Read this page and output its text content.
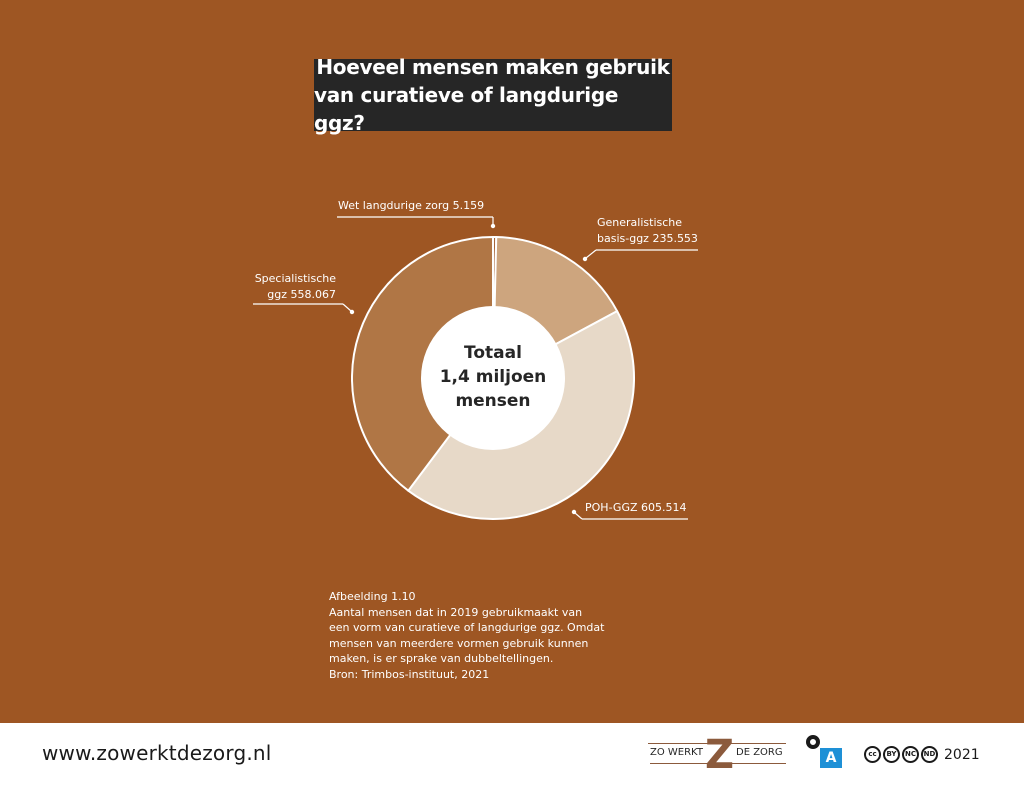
Hoeveel mensen maken gebruik
van curatieve of langdurige ggz?
Totaal
1,4 miljoen
mensen
Wet langdurige zorg 5.159
Generalistische
basis-ggz 235.553
Specialistische
ggz 558.067
POH-GGZ 605.514
Afbeelding 1.10
Aantal mensen dat in 2019 gebruikmaakt van
een vorm van curatieve of langdurige ggz. Omdat
mensen van meerdere vormen gebruik kunnen
maken, is er sprake van dubbeltellingen.
Bron: Trimbos-instituut, 2021
www.zowerktdezorg.nl	ZO WERKT Z DE ZORG	A	cc	BY	NC	ND 2021
